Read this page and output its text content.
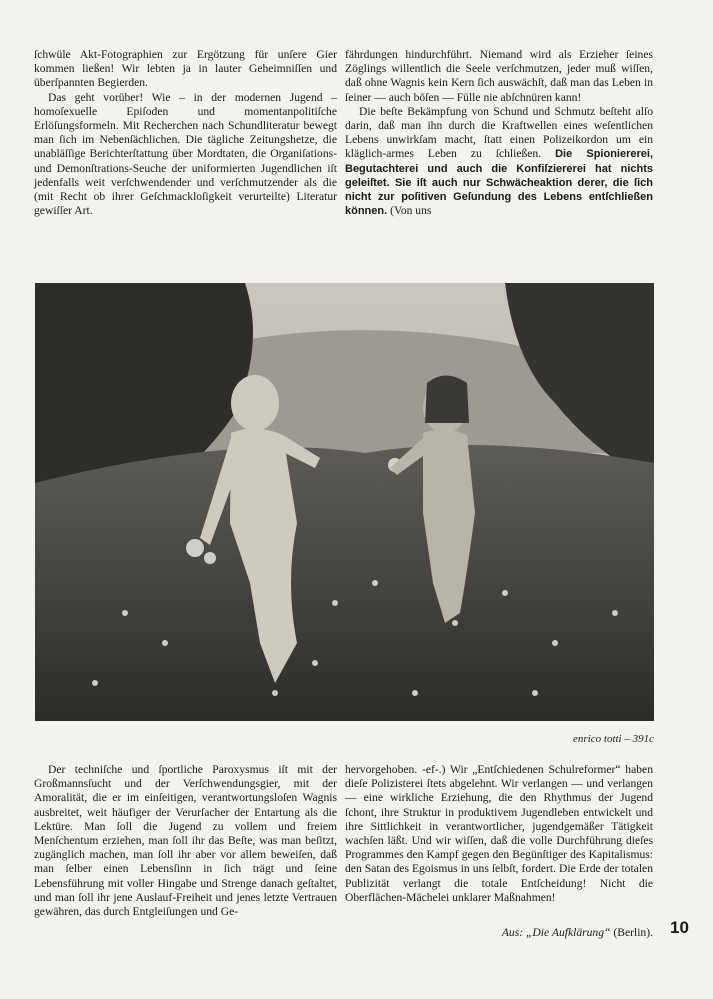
ſchwüle Akt-Fotographien zur Ergötzung für unſere Gier kommen ließen! Wir lebten ja in lauter Geheimniſſen und überſpannten Begierden.

Das geht vorüber! Wie – in der modernen Jugend – homoſexuelle Epiſoden und momentanpolitiſche Erlöſungsformeln. Mit Recherchen nach Schundliteratur bewegt man ſich im Nebenſächlichen. Die tägliche Zeitungshetze, die unabläſſige Berichterſtattung über Mordtaten, die Organiſations- und Demonſtrations-Seuche der uniformierten Jugendlichen iſt jedenfalls weit verſchwendender und verſchmutzender als die (mit Recht ob ihrer Geſchmackloſigkeit verurteilte) Literatur gewiſſer Art.

fährdungen hindurchführt. Niemand wird als Erzieher ſeines Zöglings willentlich die Seele verſchmutzen, jeder muß wiſſen, daß ohne Wagnis kein Kern ſich auswächſt, daß man das Leben in ſeiner — auch böſen — Fülle nie abſchnüren kann!

Die beſte Bekämpfung von Schund und Schmutz beſteht alſo darin, daß man ihn durch die Kraftwellen eines weſentlichen Lebens unwirkſam macht, ſtatt einen Polizeikordon um ein kläglich-armes Leben zu ſchließen. Die Spioniererei, Begutachterei und auch die Konfiſziererei hat nichts geleiſtet. Sie iſt auch nur Schwächeaktion derer, die ſich nicht zur poſitiven Geſundung des Lebens entſchließen können. (Von uns

enrico totti – 391c

Der techniſche und ſportliche Paroxysmus iſt mit der Großmannsſucht und der Verſchwendungsgier, mit der Amoralität, die er im einſeitigen, verantwortungsloſen Wagnis ausbreitet, weit häufiger der Verurſacher der Entartung als die Lektüre. Man ſoll die Jugend zu vollem und freiem Menſchentum erziehen, man ſoll ihr das Beſte, was man beſitzt, zugänglich machen, man ſoll ihr aber vor allem beweiſen, daß man ſelber einen Lebensſinn in ſich trägt und ſeine Lebensführung mit voller Hingabe und Strenge danach geſtaltet, und man ſoll ihr jene Auslauf-Freiheit und jenes letzte Vertrauen gewähren, das durch Entgleiſungen und Ge-

hervorgehoben. -ef-.) Wir „Entſchiedenen Schulreformer“ haben dieſe Polizisterei ſtets abgelehnt. Wir verlangen — und verlangen — eine wirkliche Erziehung, die den Rhythmus der Jugend ſchont, ihre Struktur in produktivem Jugendleben entwickelt und ihre Sittlichkeit in verantwortlicher, jugendgemäßer Tätigkeit wachſen läßt. Und wir wiſſen, daß die volle Durchführung dieſes Programmes den Kampf gegen den Begünſtiger des Kapitalismus: den Satan des Egoismus in uns ſelbſt, fordert. Die Erde der totalen Publizität verlangt die totale Entſcheidung! Nicht die Oberflächen-Mächelei unklarer Maßnahmen!

Aus: „Die Aufklärung“ (Berlin). 10
